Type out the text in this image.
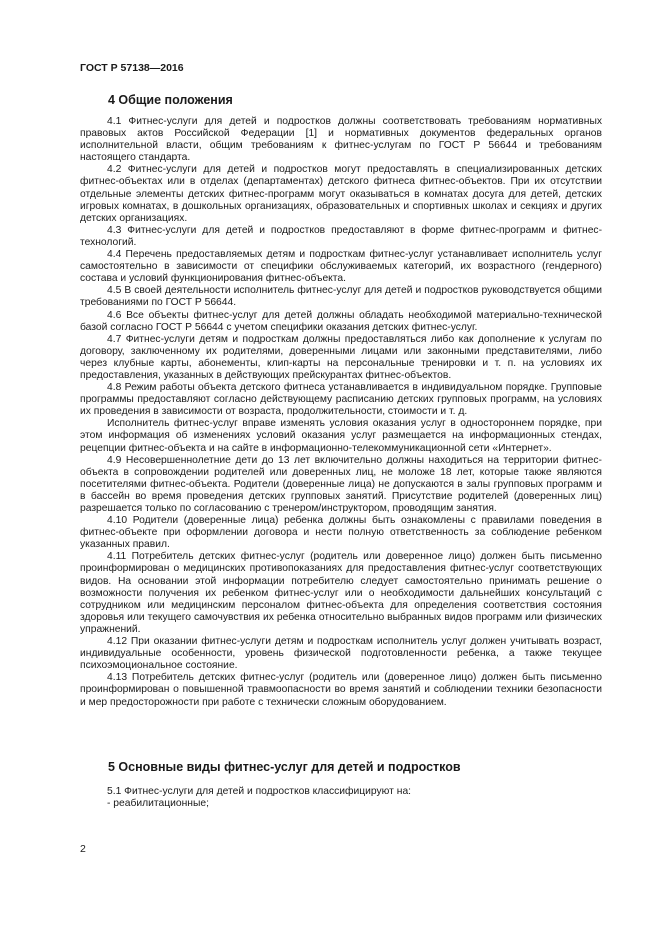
ГОСТ Р 57138—2016
4 Общие положения

4.1 Фитнес-услуги для детей и подростков должны соответствовать требованиям нормативных правовых актов Российской Федерации [1] и нормативных документов федеральных органов исполнительной власти, общим требованиям к фитнес-услугам по ГОСТ Р 56644 и требованиям настоящего стандарта.

4.2 Фитнес-услуги для детей и подростков могут предоставлять в специализированных детских фитнес-объектах или в отделах (департаментах) детского фитнеса фитнес-объектов. При их отсутствии отдельные элементы детских фитнес-программ могут оказываться в комнатах досуга для детей, детских игровых комнатах, в дошкольных организациях, образовательных и спортивных школах и секциях и других детских организациях.

4.3 Фитнес-услуги для детей и подростков предоставляют в форме фитнес-программ и фитнес-технологий.

4.4 Перечень предоставляемых детям и подросткам фитнес-услуг устанавливает исполнитель услуг самостоятельно в зависимости от специфики обслуживаемых категорий, их возрастного (гендерного) состава и условий функционирования фитнес-объекта.

4.5 В своей деятельности исполнитель фитнес-услуг для детей и подростков руководствуется общими требованиями по ГОСТ Р 56644.

4.6 Все объекты фитнес-услуг для детей должны обладать необходимой материально-технической базой согласно ГОСТ Р 56644 с учетом специфики оказания детских фитнес-услуг.

4.7 Фитнес-услуги детям и подросткам должны предоставляться либо как дополнение к услугам по договору, заключенному их родителями, доверенными лицами или законными представителями, либо через клубные карты, абонементы, клип-карты на персональные тренировки и т. п. на условиях их предоставления, указанных в действующих прейскурантах фитнес-объектов.

4.8 Режим работы объекта детского фитнеса устанавливается в индивидуальном порядке. Групповые программы предоставляют согласно действующему расписанию детских групповых программ, на условиях их проведения в зависимости от возраста, продолжительности, стоимости и т. д.

Исполнитель фитнес-услуг вправе изменять условия оказания услуг в одностороннем порядке, при этом информация об изменениях условий оказания услуг размещается на информационных стендах, рецепции фитнес-объекта и на сайте в информационно-телекоммуникационной сети «Интернет».

4.9 Несовершеннолетние дети до 13 лет включительно должны находиться на территории фитнес-объекта в сопровождении родителей или доверенных лиц, не моложе 18 лет, которые также являются посетителями фитнес-объекта. Родители (доверенные лица) не допускаются в залы групповых программ и в бассейн во время проведения детских групповых занятий. Присутствие родителей (доверенных лиц) разрешается только по согласованию с тренером/инструктором, проводящим занятия.

4.10 Родители (доверенные лица) ребенка должны быть ознакомлены с правилами поведения в фитнес-объекте при оформлении договора и нести полную ответственность за соблюдение ребенком указанных правил.

4.11 Потребитель детских фитнес-услуг (родитель или доверенное лицо) должен быть письменно проинформирован о медицинских противопоказаниях для предоставления фитнес-услуг соответствующих видов. На основании этой информации потребителю следует самостоятельно принимать решение о возможности получения их ребенком фитнес-услуг или о необходимости дальнейших консультаций с сотрудником или медицинским персоналом фитнес-объекта для определения соответствия состояния здоровья или текущего самочувствия их ребенка относительно выбранных видов программ или физических упражнений.

4.12 При оказании фитнес-услуги детям и подросткам исполнитель услуг должен учитывать возраст, индивидуальные особенности, уровень физической подготовленности ребенка, а также текущее психоэмоциональное состояние.

4.13 Потребитель детских фитнес-услуг (родитель или (доверенное лицо) должен быть письменно проинформирован о повышенной травмоопасности во время занятий и соблюдении техники безопасности и мер предосторожности при работе с технически сложным оборудованием.

5 Основные виды фитнес-услуг для детей и подростков

5.1 Фитнес-услуги для детей и подростков классифицируют на:

- реабилитационные;

2
